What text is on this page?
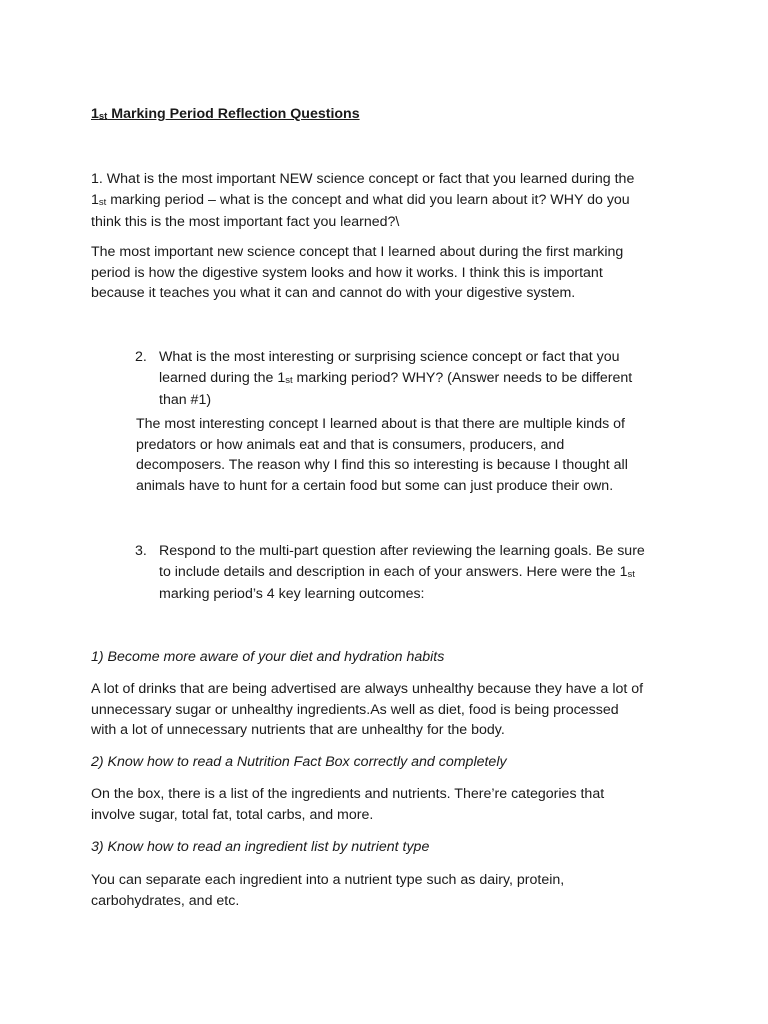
1st Marking Period Reflection Questions

1. What is the most important NEW science concept or fact that you learned during the
1st marking period – what is the concept and what did you learn about it? WHY do you
think this is the most important fact you learned?\

The most important new science concept that I learned about during the first marking
period is how the digestive system looks and how it works. I think this is important
because it teaches you what it can and cannot do with your digestive system.

2. What is the most interesting or surprising science concept or fact that you
learned during the 1st marking period? WHY? (Answer needs to be different
than #1)

The most interesting concept I learned about is that there are multiple kinds of
predators or how animals eat and that is consumers, producers, and
decomposers. The reason why I find this so interesting is because I thought all
animals have to hunt for a certain food but some can just produce their own.

3. Respond to the multi-part question after reviewing the learning goals. Be sure
to include details and description in each of your answers. Here were the 1st
marking period’s 4 key learning outcomes:

1) Become more aware of your diet and hydration habits

A lot of drinks that are being advertised are always unhealthy because they have a lot of
unnecessary sugar or unhealthy ingredients.As well as diet, food is being processed
with a lot of unnecessary nutrients that are unhealthy for the body.

2) Know how to read a Nutrition Fact Box correctly and completely

On the box, there is a list of the ingredients and nutrients. There’re categories that
involve sugar, total fat, total carbs, and more.

3) Know how to read an ingredient list by nutrient type

You can separate each ingredient into a nutrient type such as dairy, protein,
carbohydrates, and etc.
